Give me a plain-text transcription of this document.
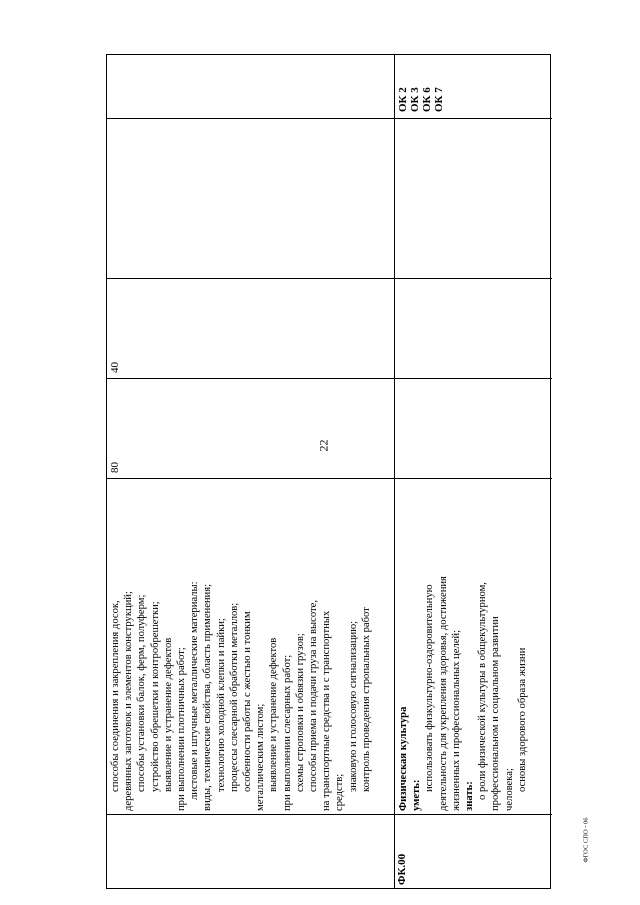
22
способы соединения и закрепления досок, деревянных заготовок и элементов конструкций; способы установки балок, ферм, полуферм; устройство обрешетки и контробрешетки; выявление и устранение дефектов при выполнении плотничных работ; листовые и штучные металлические материалы: виды, технические свойства, область применения; технологию холодной клепки и пайки; процессы слесарной обработки металлов; особенности работы с жестью и тонким металлическим листом; выявление и устранение дефектов при выполнении слесарных работ; схемы строповки и обвязки грузов; способы приема и подачи груза на высоте, на транспортные средства и с транспортных средств;
знаковую и голосовую сигнализацию; контроль проведения стропальных работ
80
40
ФК.00
Физическая культура уметь:
использовать физкультурно-оздоровительную деятельность для укрепления здоровья, достижения жизненных и профессиональных целей; знать: о роли физической культуры в общекультурном, профессиональном и социальном развитии человека; основы здорового образа жизни
ОК 2 ОК 3 ОК 6 ОК 7
ФГОС СПО - 06
